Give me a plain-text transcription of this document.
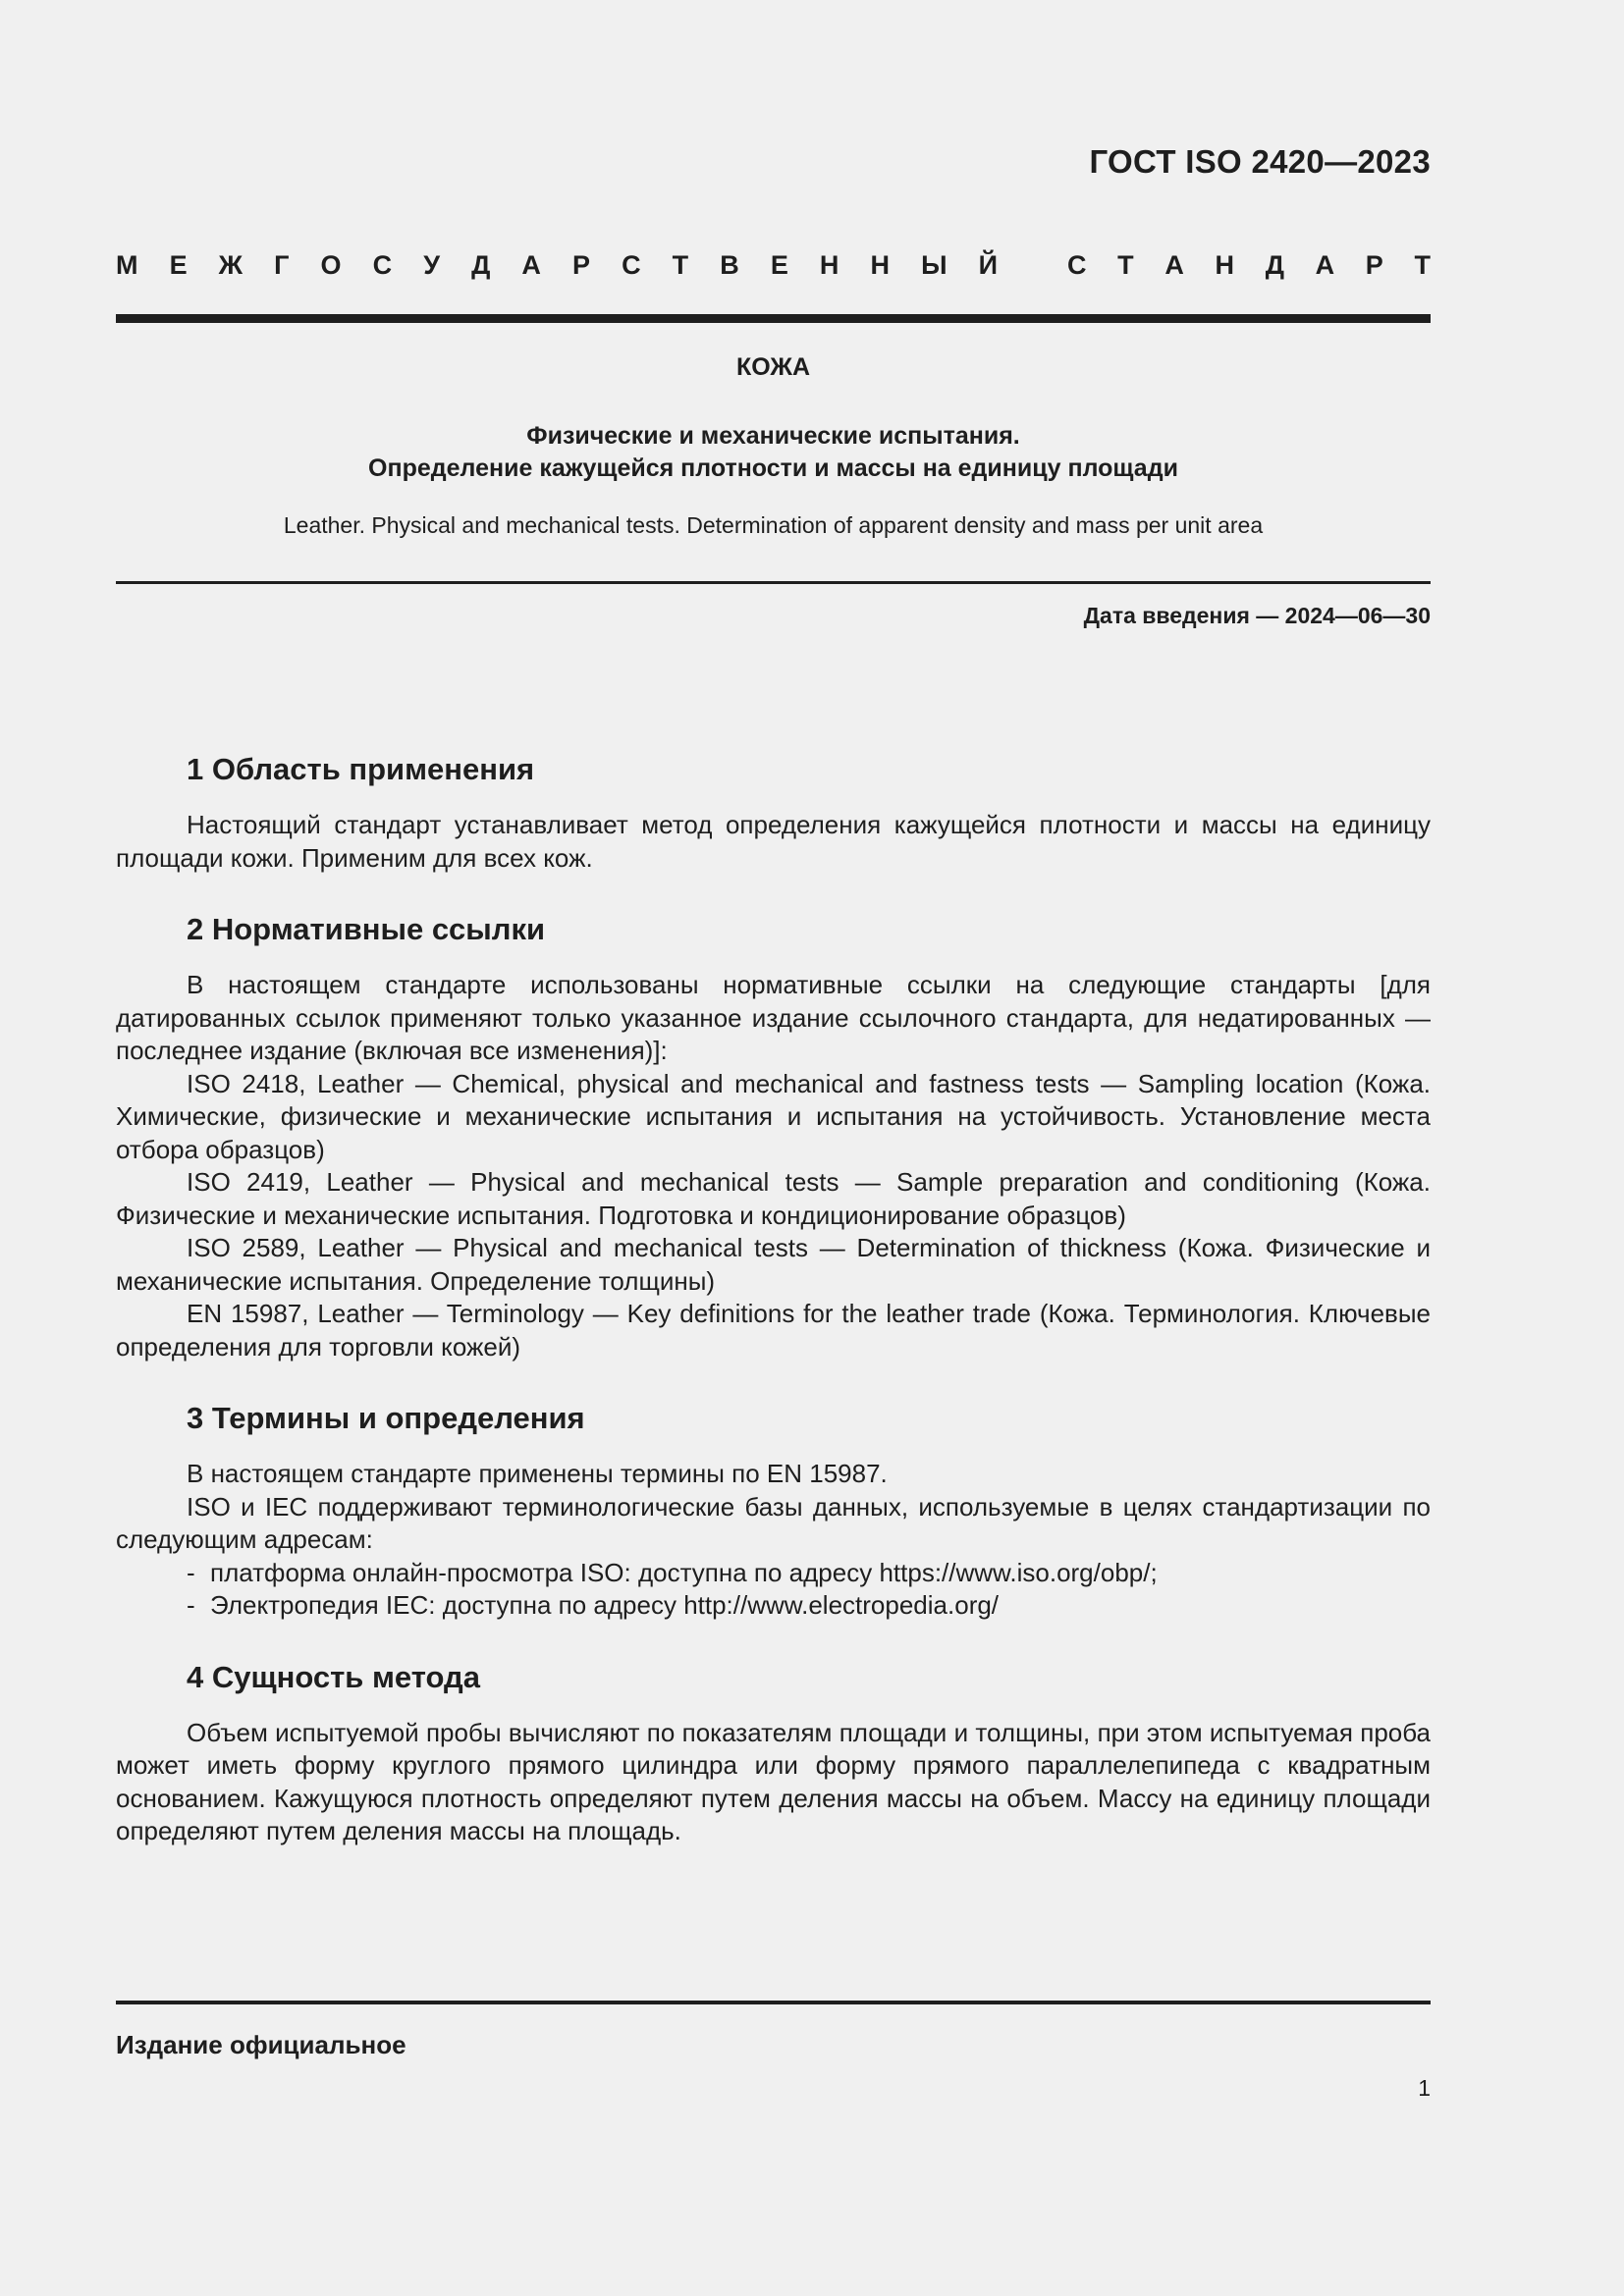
ГОСТ ISO 2420—2023
М Е Ж Г О С У Д А Р С Т В Е Н Н Ы Й	С Т А Н Д А Р Т
КОЖА
Физические и механические испытания.
Определение кажущейся плотности и массы на единицу площади
Leather. Physical and mechanical tests. Determination of apparent density and mass per unit area
Дата введения — 2024—06—30
1 Область применения

Настоящий стандарт устанавливает метод определения кажущейся плотности и массы на единицу площади кожи. Применим для всех кож.

2 Нормативные ссылки

В настоящем стандарте использованы нормативные ссылки на следующие стандарты [для датированных ссылок применяют только указанное издание ссылочного стандарта, для недатированных — последнее издание (включая все изменения)]:

ISO 2418, Leather — Chemical, physical and mechanical and fastness tests — Sampling location (Кожа. Химические, физические и механические испытания и испытания на устойчивость. Установление места отбора образцов)

ISO 2419, Leather — Physical and mechanical tests — Sample preparation and conditioning (Кожа. Физические и механические испытания. Подготовка и кондиционирование образцов)

ISO 2589, Leather — Physical and mechanical tests — Determination of thickness (Кожа. Физические и механические испытания. Определение толщины)

EN 15987, Leather — Terminology — Key definitions for the leather trade (Кожа. Терминология. Ключевые определения для торговли кожей)

3 Термины и определения

В настоящем стандарте применены термины по EN 15987.

ISO и IEC поддерживают терминологические базы данных, используемые в целях стандартизации по следующим адресам:

- платформа онлайн-просмотра ISO: доступна по адресу https://www.iso.org/obp/;
- Электропедия IEC: доступна по адресу http://www.electropedia.org/
4 Сущность метода

Объем испытуемой пробы вычисляют по показателям площади и толщины, при этом испытуемая проба может иметь форму круглого прямого цилиндра или форму прямого параллелепипеда с квадратным основанием. Кажущуюся плотность определяют путем деления массы на объем. Массу на единицу площади определяют путем деления массы на площадь.

Издание официальное
1
